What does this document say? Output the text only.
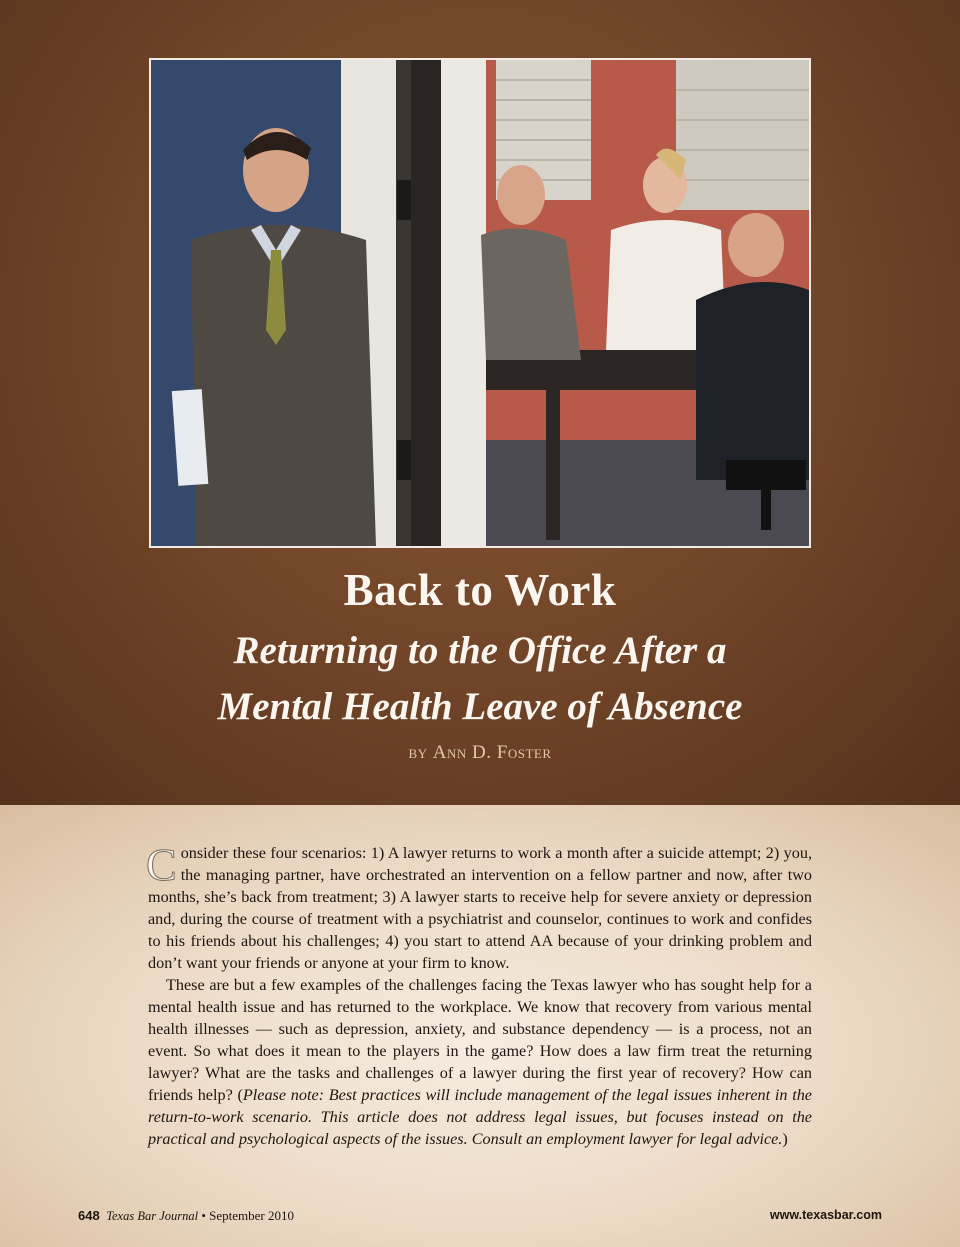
Back to Work
Returning to the Office After a
Mental Health Leave of Absence
by Ann D. Foster

Consider these four scenarios: 1) A lawyer returns to work a month after a suicide attempt; 2) you, the managing partner, have orchestrated an intervention on a fellow partner and now, after two months, she’s back from treatment; 3) A lawyer starts to receive help for severe anxiety or depression and, during the course of treatment with a psychiatrist and counselor, continues to work and confides to his friends about his challenges; 4) you start to attend AA because of your drinking problem and don’t want your friends or anyone at your firm to know.

These are but a few examples of the challenges facing the Texas lawyer who has sought help for a mental health issue and has returned to the workplace. We know that recovery from various mental health illnesses — such as depression, anxiety, and substance dependency — is a process, not an event. So what does it mean to the players in the game? How does a law firm treat the returning lawyer? What are the tasks and challenges of a lawyer during the first year of recovery? How can friends help? (Please note: Best practices will include management of the legal issues inherent in the return-to-work scenario. This article does not address legal issues, but focuses instead on the practical and psychological aspects of the issues. Consult an employment lawyer for legal advice.)

648 Texas Bar Journal • September 2010	www.texasbar.com
